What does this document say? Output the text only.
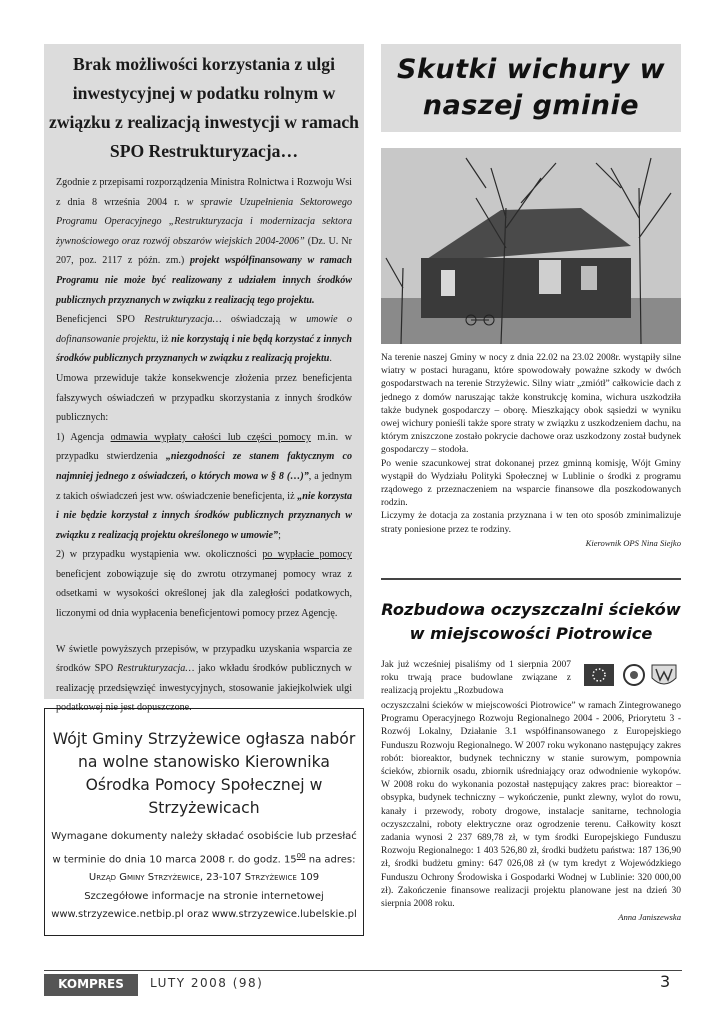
Brak możliwości korzystania z ulgi inwestycyjnej w podatku rolnym w związku z realizacją inwestycji w ramach SPO Restrukturyzacja…

Zgodnie z przepisami rozporządzenia Ministra Rolnictwa i Rozwoju Wsi z dnia 8 września 2004 r. w sprawie Uzupełnienia Sektorowego Programu Operacyjnego „Restrukturyzacja i modernizacja sektora żywnościowego oraz rozwój obszarów wiejskich 2004-2006” (Dz. U. Nr 207, poz. 2117 z późn. zm.) projekt współfinansowany w ramach Programu nie może być realizowany z udziałem innych środków publicznych przyznanych w związku z realizacją tego projektu.

Beneficjenci SPO Restrukturyzacja… oświadczają w umowie o dofinansowanie projektu, iż nie korzystają i nie będą korzystać z innych środków publicznych przyznanych w związku z realizacją projektu.

Umowa przewiduje także konsekwencje złożenia przez beneficjenta fałszywych oświadczeń w przypadku skorzystania z innych środków publicznych:

1) Agencja odmawia wypłaty całości lub części pomocy m.in. w przypadku stwierdzenia „niezgodności ze stanem faktycznym co najmniej jednego z oświadczeń, o których mowa w § 8 (…)”, a jednym z takich oświadczeń jest ww. oświadczenie beneficjenta, iż „nie korzysta i nie będzie korzystał z innych środków publicznych przyznanych w związku z realizacją projektu określonego w umowie”;

2) w przypadku wystąpienia ww. okoliczności po wypłacie pomocy beneficjent zobowiązuje się do zwrotu otrzymanej pomocy wraz z odsetkami w wysokości określonej jak dla zaległości podatkowych, liczonymi od dnia wypłacenia beneficjentowi pomocy przez Agencję.

W świetle powyższych przepisów, w przypadku uzyskania wsparcia ze środków SPO Restrukturyzacja… jako wkładu środków publicznych w realizację przedsięwzięć inwestycyjnych, stosowanie jakiejkolwiek ulgi podatkowej nie jest dopuszczone.

Wójt Gminy Strzyżewice ogłasza nabór na wolne stanowisko Kierownika Ośrodka Pomocy Społecznej w Strzyżewicach
Wymagane dokumenty należy składać osobiście lub przesłać
w terminie do dnia 10 marca 2008 r. do godz. $15^{00}$ na adres:
Urząd Gminy Strzyżewice, 23-107 Strzyżewice 109
Szczegółowe informacje na stronie internetowej
www.strzyzewice.netbip.pl oraz www.strzyzewice.lubelskie.pl
Skutki wichury w naszej gminie

Na terenie naszej Gminy w nocy z dnia 22.02 na 23.02 2008r. wystąpiły silne wiatry w postaci huraganu, które spowodowały poważne szkody w dwóch gospodarstwach na terenie Strzyżewic. Silny wiatr „zmiótł” całkowicie dach z jednego z domów naruszając także konstrukcję komina, wichura uszkodziła także budynek gospodarczy – oborę. Mieszkający obok sąsiedzi w wyniku owej wichury ponieśli także spore straty w związku z uszkodzeniem dachu, na którym zniszczone zostało pokrycie dachowe oraz uszkodzony został budynek gospodarczy – stodoła.

Po wenie szacunkowej strat dokonanej przez gminną komisję, Wójt Gminy wystąpił do Wydziału Polityki Społecznej w Lublinie o środki z programu rządowego z przeznaczeniem na wsparcie finansowe dla poszkodowanych rodzin.

Liczymy że dotacja za zostania przyznana i w ten oto sposób zminimalizuje straty poniesione przez te rodziny.

Kierownik OPS Nina Siejko

Rozbudowa oczyszczalni ścieków w miejscowości Piotrowice
Jak już wcześniej pisaliśmy od 1 sierpnia 2007 roku trwają prace budowlane związane z realizacją projektu „Rozbudowa

oczyszczalni ścieków w miejscowości Piotrowice” w ramach Zintegrowanego Programu Operacyjnego Rozwoju Regionalnego 2004 - 2006, Priorytetu 3 - Rozwój Lokalny, Działanie 3.1 współfinansowanego z Europejskiego Funduszu Rozwoju Regionalnego. W 2007 roku wykonano następujący zakres robót: bioreaktor, budynek techniczny w stanie surowym, pompownia ścieków, zbiornik osadu, zbiornik uśredniający oraz odwodnienie wykopów. W 2008 roku do wykonania pozostał następujący zakres prac: bioreaktor – obsypka, budynek techniczny – wykończenie, punkt zlewny, wylot do rowu, kanały i przewody, roboty drogowe, instalacje sanitarne, technologia oczyszczalni, roboty elektryczne oraz ogrodzenie terenu. Całkowity koszt zadania wynosi 2 237 689,78 zł, w tym środki Europejskiego Funduszu Rozwoju Regionalnego: 1 403 526,80 zł, środki budżetu państwa: 187 136,90 zł, środki budżetu gminy: 647 026,08 zł (w tym kredyt z Wojewódzkiego Funduszu Ochrony Środowiska i Gospodarki Wodnej w Lublinie: 320 000,00 zł). Zakończenie finansowe realizacji projektu planowane jest na dzień 30 sierpnia 2008 roku.

Anna Janiszewska

KOMPRES LUTY 2008 (98)	3
